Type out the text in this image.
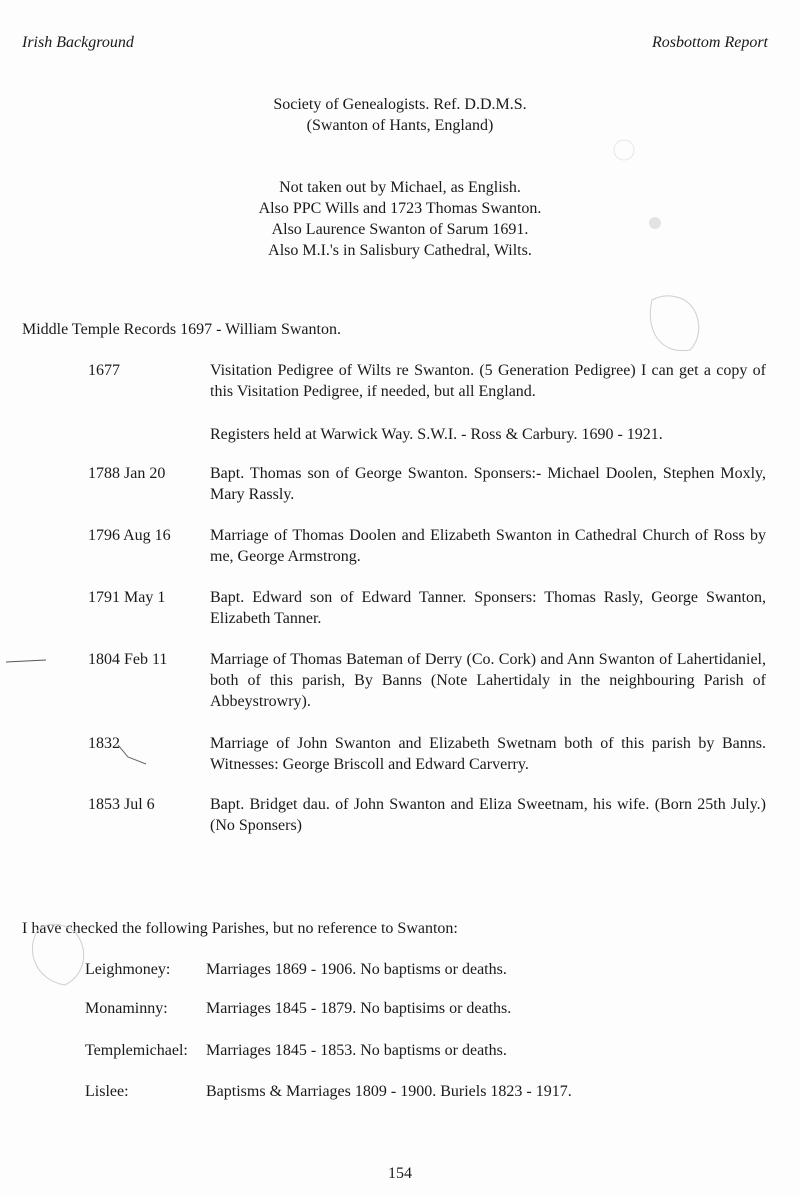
Irish Background	Rosbottom Report
Society of Genealogists. Ref. D.D.M.S.
(Swanton of Hants, England)
Not taken out by Michael, as English.
Also PPC Wills and 1723 Thomas Swanton.
Also Laurence Swanton of Sarum 1691.
Also M.I.'s in Salisbury Cathedral, Wilts.
Middle Temple Records 1697 - William Swanton.
1677	Visitation Pedigree of Wilts re Swanton. (5 Generation Pedigree) I can get a copy of this Visitation Pedigree, if needed, but all England.
Registers held at Warwick Way. S.W.I. - Ross & Carbury. 1690 - 1921.
1788 Jan 20	Bapt. Thomas son of George Swanton. Sponsers:- Michael Doolen, Stephen Moxly, Mary Rassly.
1796 Aug 16	Marriage of Thomas Doolen and Elizabeth Swanton in Cathedral Church of Ross by me, George Armstrong.
1791 May 1	Bapt. Edward son of Edward Tanner. Sponsers: Thomas Rasly, George Swanton, Elizabeth Tanner.
1804 Feb 11	Marriage of Thomas Bateman of Derry (Co. Cork) and Ann Swanton of Lahertidaniel, both of this parish, By Banns (Note Lahertidaly in the neighbouring Parish of Abbeystrowry).
1832	Marriage of John Swanton and Elizabeth Swetnam both of this parish by Banns. Witnesses: George Briscoll and Edward Carverry.
1853 Jul 6	Bapt. Bridget dau. of John Swanton and Eliza Sweetnam, his wife. (Born 25th July.) (No Sponsers)
I have checked the following Parishes, but no reference to Swanton:
Leighmoney: Marriages 1869 - 1906. No baptisms or deaths.
Monaminny: Marriages 1845 - 1879. No baptisims or deaths.
Templemichael: Marriages 1845 - 1853. No baptisms or deaths.
Lislee:	Baptisms & Marriages 1809 - 1900. Buriels 1823 - 1917.
154
